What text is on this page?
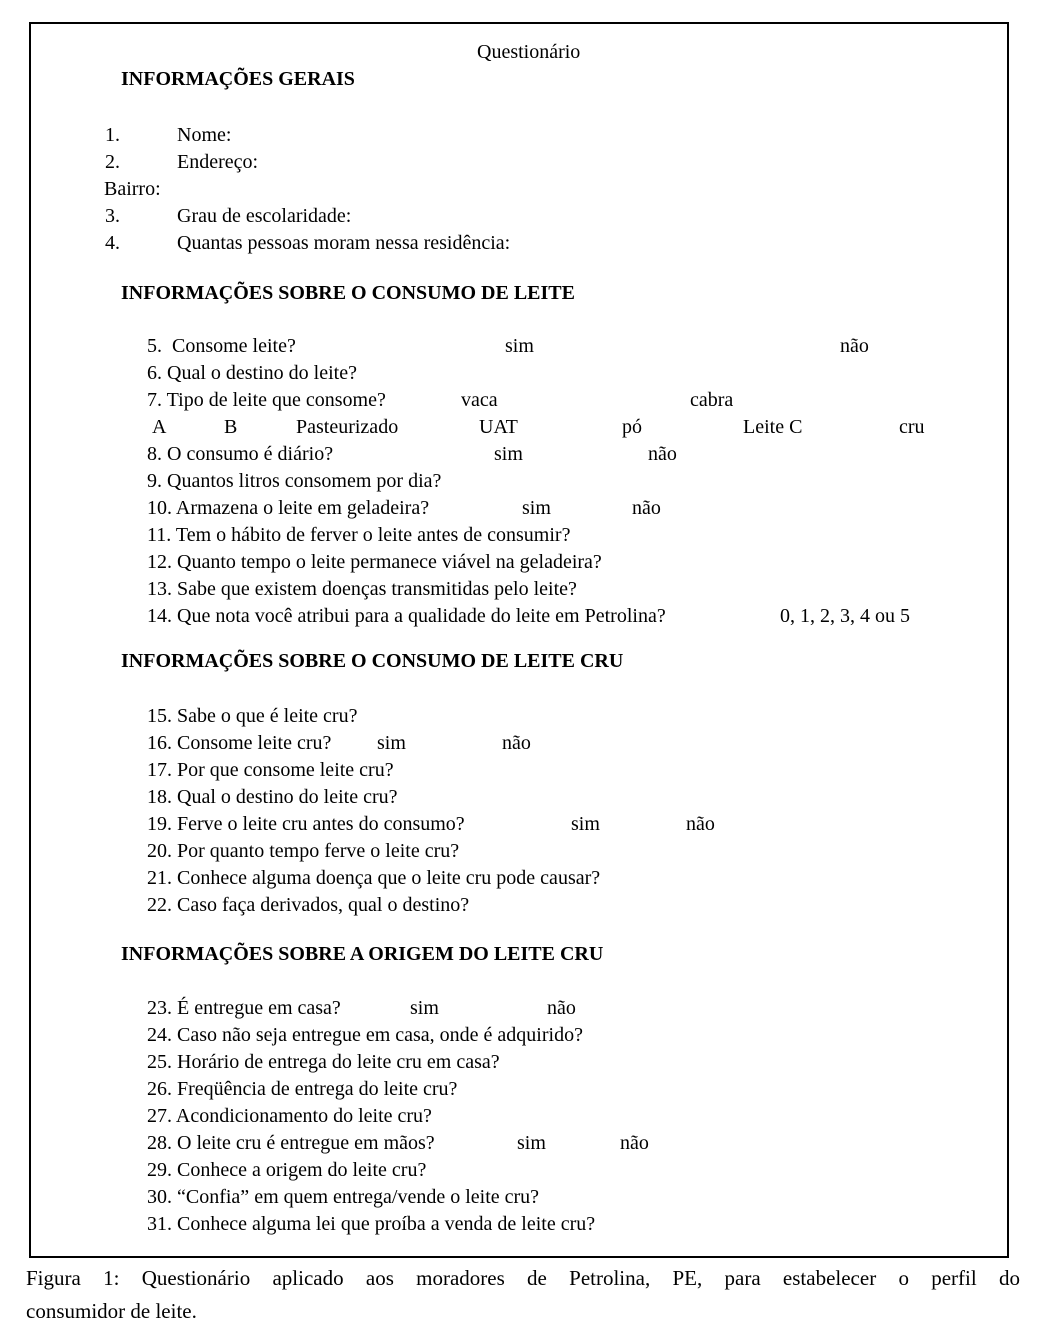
Questionário
INFORMAÇÕES GERAIS
1.	Nome:
2.	Endereço:
Bairro:
3.	Grau de escolaridade:
4.	Quantas pessoas moram nessa residência:
INFORMAÇÕES SOBRE O CONSUMO DE LEITE
5.  Consome leite?	sim	não
6. Qual o destino do leite?
7. Tipo de leite que consome?	vaca	cabra
A	B	Pasteurizado	UAT	pó	Leite C	cru
8. O consumo é diário?	sim	não
9. Quantos litros consomem por dia?
10. Armazena o leite em geladeira?	sim	não
11. Tem o hábito de ferver o leite antes de consumir?
12. Quanto tempo o leite permanece viável na geladeira?
13. Sabe que existem doenças transmitidas pelo leite?
14. Que nota você atribui para a qualidade do leite em Petrolina?	0, 1, 2, 3, 4 ou 5
INFORMAÇÕES SOBRE O CONSUMO DE LEITE CRU
15. Sabe o que é leite cru?
16. Consome leite cru? sim	não
17. Por que consome leite cru?
18. Qual o destino do leite cru?
19. Ferve o leite cru antes do consumo?	sim	não
20. Por quanto tempo ferve o leite cru?
21. Conhece alguma doença que o leite cru pode causar?
22. Caso faça derivados, qual o destino?
INFORMAÇÕES SOBRE A ORIGEM DO LEITE CRU
23. É entregue em casa?	sim	não
24. Caso não seja entregue em casa, onde é adquirido?
25. Horário de entrega do leite cru em casa?
26. Freqüência de entrega do leite cru?
27. Acondicionamento do leite cru?
28. O leite cru é entregue em mãos?	sim	não
29. Conhece a origem do leite cru?
30. “Confia” em quem entrega/vende o leite cru?
31. Conhece alguma lei que proíba a venda de leite cru?
Figura 1: Questionário aplicado aos moradores de Petrolina, PE, para estabelecer o perfil do
consumidor de leite.
